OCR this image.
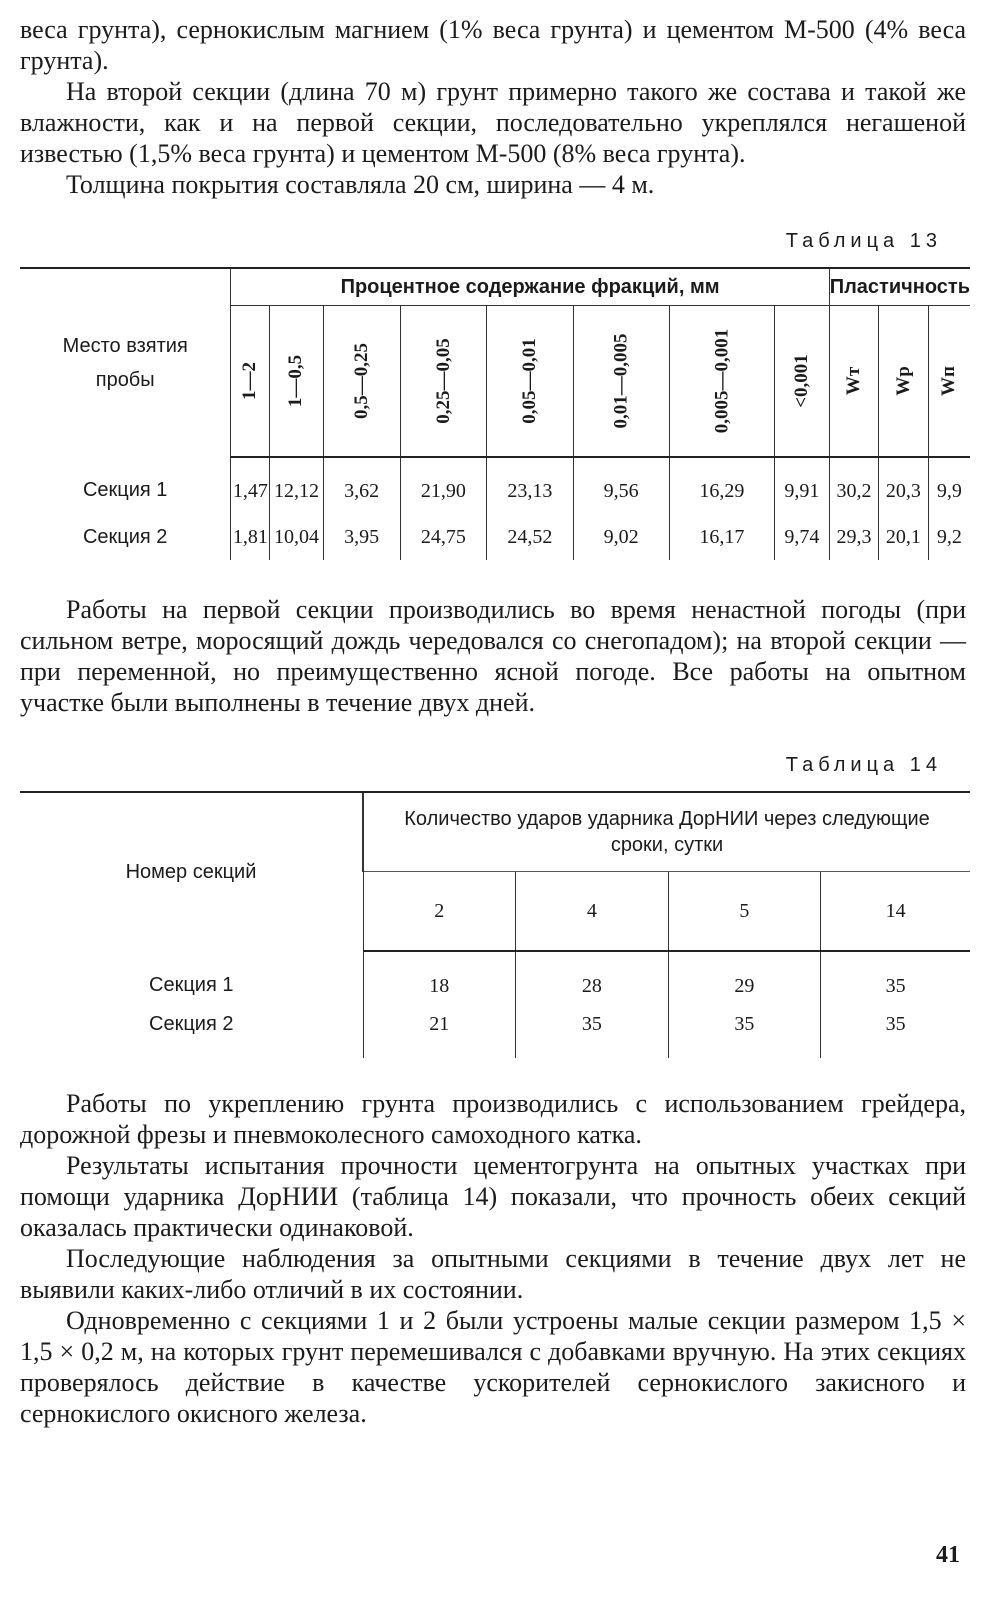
веса грунта), сернокислым магнием (1% веса грунта) и цементом М-500 (4% веса грунта).

На второй секции (длина 70 м) грунт примерно такого же состава и такой же влажности, как и на первой секции, последовательно укреплялся негашеной известью (1,5% веса грунта) и цементом М-500 (8% веса грунта).

Толщина покрытия составляла 20 см, ширина — 4 м.

Таблица 13
Место взятия пробы	Процентное содержание фракций, мм								Пластичность		
	1—2	1—0,5	0,5—0,25	0,25—0,05	0,05—0,01	0,01—0,005	0,005—0,001	<0,001	Wт	Wр	Wп
Секция 1	1,47	12,12	3,62	21,90	23,13	9,56	16,29	9,91	30,2	20,3	9,9
Секция 2	1,81	10,04	3,95	24,75	24,52	9,02	16,17	9,74	29,3	20,1	9,2

Работы на первой секции производились во время ненастной погоды (при сильном ветре, моросящий дождь чередовался со снегопадом); на второй секции — при переменной, но преимущественно ясной погоде. Все работы на опытном участке были выполнены в течение двух дней.

Таблица 14
Номер секций	Количество ударов ударника ДорНИИ через следующие сроки, сутки			
	2	4	5	14
Секция 1	18	28	29	35
Секция 2	21	35	35	35

Работы по укреплению грунта производились с использованием грейдера, дорожной фрезы и пневмоколесного самоходного катка.

Результаты испытания прочности цементогрунта на опытных участках при помощи ударника ДорНИИ (таблица 14) показали, что прочность обеих секций оказалась практически одинаковой.

Последующие наблюдения за опытными секциями в течение двух лет не выявили каких-либо отличий в их состоянии.

Одновременно с секциями 1 и 2 были устроены малые секции размером 1,5 × 1,5 × 0,2 м, на которых грунт перемешивался с добавками вручную. На этих секциях проверялось действие в качестве ускорителей сернокислого закисного и сернокислого окисного железа.

41
